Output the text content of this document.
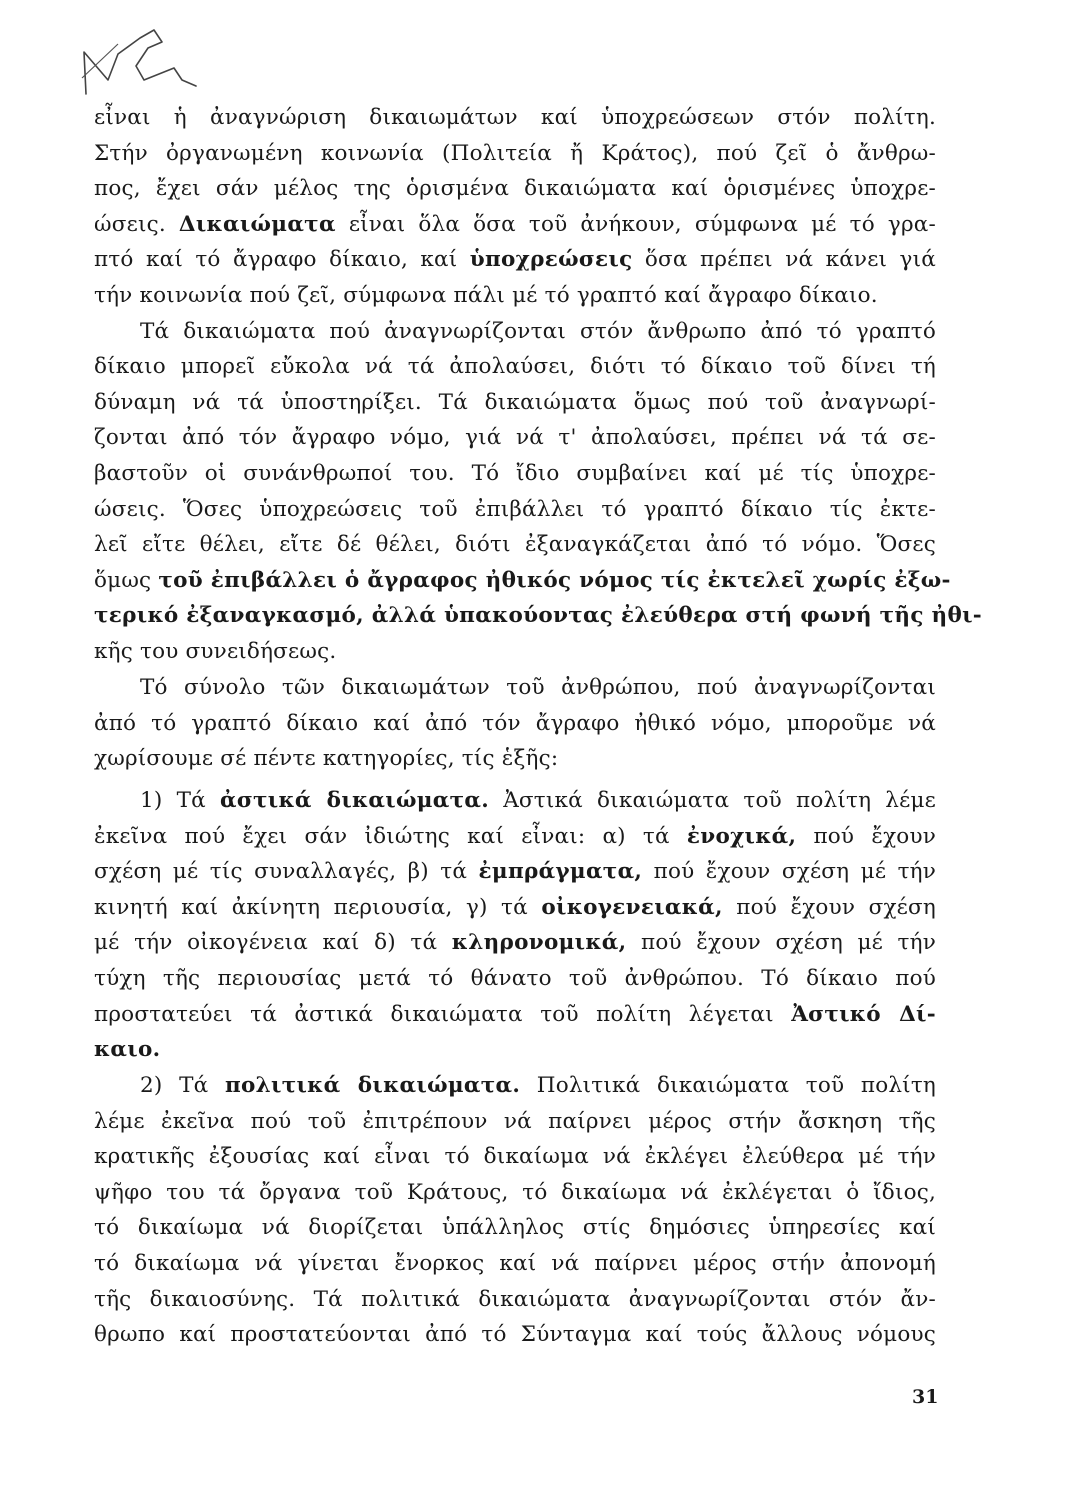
εἶναι ἡ ἀναγνώριση δικαιωμάτων καί ὑποχρεώσεων στόν πολίτη.
Στήν ὀργανωμένη κοινωνία (Πολιτεία ἤ Κράτος), πού ζεῖ ὁ ἄνθρω-
πος, ἔχει σάν μέλος της ὁρισμένα δικαιώματα καί ὁρισμένες ὑποχρε-
ώσεις. Δικαιώματα εἶναι ὅλα ὅσα τοῦ ἀνήκουν, σύμφωνα μέ τό γρα-
πτό καί τό ἄγραφο δίκαιο, καί ὑποχρεώσεις ὅσα πρέπει νά κάνει γιά
τήν κοινωνία πού ζεῖ, σύμφωνα πάλι μέ τό γραπτό καί ἄγραφο δίκαιο.
Τά δικαιώματα πού ἀναγνωρίζονται στόν ἄνθρωπο ἀπό τό γραπτό
δίκαιο μπορεῖ εὔκολα νά τά ἀπολαύσει, διότι τό δίκαιο τοῦ δίνει τή
δύναμη νά τά ὑποστηρίξει. Τά δικαιώματα ὅμως πού τοῦ ἀναγνωρί-
ζονται ἀπό τόν ἄγραφο νόμο, γιά νά τ' ἀπολαύσει, πρέπει νά τά σε-
βαστοῦν οἱ συνάνθρωποί του. Τό ἴδιο συμβαίνει καί μέ τίς ὑποχρε-
ώσεις. Ὅσες ὑποχρεώσεις τοῦ ἐπιβάλλει τό γραπτό δίκαιο τίς ἐκτε-
λεῖ εἴτε θέλει, εἴτε δέ θέλει, διότι ἐξαναγκάζεται ἀπό τό νόμο. Ὅσες
ὅμως τοῦ ἐπιβάλλει ὁ ἄγραφος ἠθικός νόμος τίς ἐκτελεῖ χωρίς ἐξω-
τερικό ἐξαναγκασμό, ἀλλά ὑπακούοντας ἐλεύθερα στή φωνή τῆς ἠθι-
κῆς του συνειδήσεως.
Τό σύνολο τῶν δικαιωμάτων τοῦ ἀνθρώπου, πού ἀναγνωρίζονται
ἀπό τό γραπτό δίκαιο καί ἀπό τόν ἄγραφο ἠθικό νόμο, μποροῦμε νά
χωρίσουμε σέ πέντε κατηγορίες, τίς ἑξῆς:
1) Τά ἀστικά δικαιώματα. Ἀστικά δικαιώματα τοῦ πολίτη λέμε
ἐκεῖνα πού ἔχει σάν ἰδιώτης καί εἶναι: α) τά ἐνοχικά, πού ἔχουν
σχέση μέ τίς συναλλαγές, β) τά ἐμπράγματα, πού ἔχουν σχέση μέ τήν
κινητή καί ἀκίνητη περιουσία, γ) τά οἰκογενειακά, πού ἔχουν σχέση
μέ τήν οἰκογένεια καί δ) τά κληρονομικά, πού ἔχουν σχέση μέ τήν
τύχη τῆς περιουσίας μετά τό θάνατο τοῦ ἀνθρώπου. Τό δίκαιο πού
προστατεύει τά ἀστικά δικαιώματα τοῦ πολίτη λέγεται Ἀστικό Δί-
καιο.
2) Τά πολιτικά δικαιώματα. Πολιτικά δικαιώματα τοῦ πολίτη
λέμε ἐκεῖνα πού τοῦ ἐπιτρέπουν νά παίρνει μέρος στήν ἄσκηση τῆς
κρατικῆς ἐξουσίας καί εἶναι τό δικαίωμα νά ἐκλέγει ἐλεύθερα μέ τήν
ψῆφο του τά ὄργανα τοῦ Κράτους, τό δικαίωμα νά ἐκλέγεται ὁ ἴδιος,
τό δικαίωμα νά διορίζεται ὑπάλληλος στίς δημόσιες ὑπηρεσίες καί
τό δικαίωμα νά γίνεται ἔνορκος καί νά παίρνει μέρος στήν ἀπονομή
τῆς δικαιοσύνης. Τά πολιτικά δικαιώματα ἀναγνωρίζονται στόν ἄν-
θρωπο καί προστατεύονται ἀπό τό Σύνταγμα καί τούς ἄλλους νόμους
31
